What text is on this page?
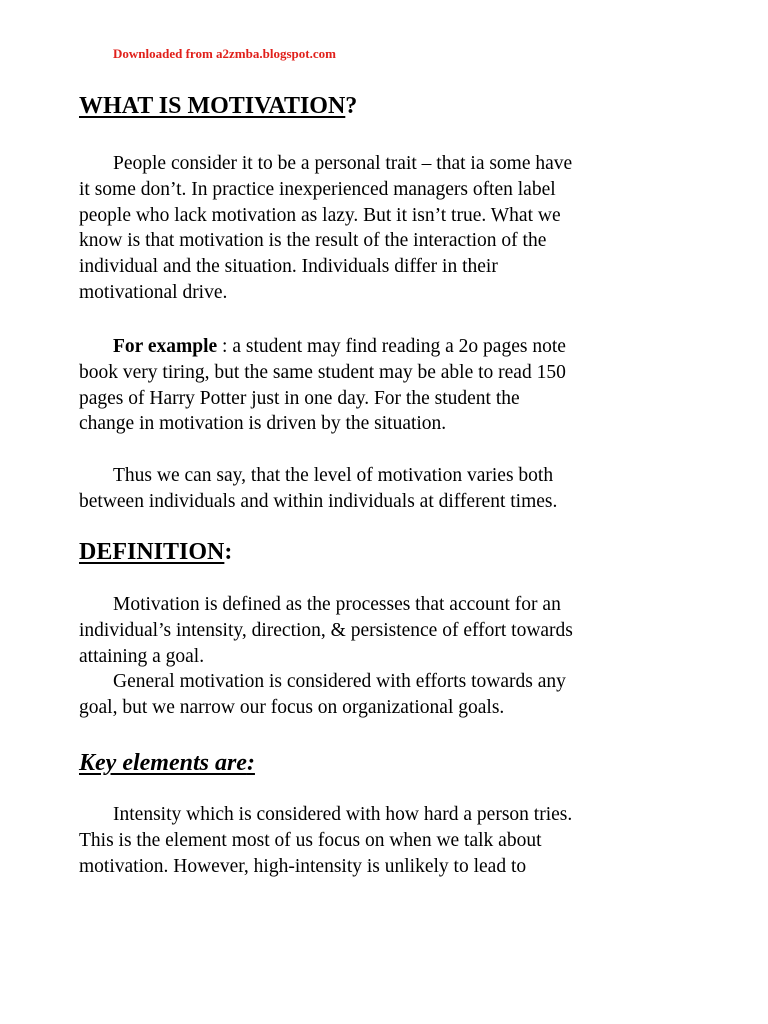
Downloaded from a2zmba.blogspot.com
WHAT IS MOTIVATION?
People consider it to be a personal trait – that ia some have
it some don’t. In practice inexperienced managers often label
people who lack motivation as lazy. But it isn’t true. What we
know is that motivation is the result of the interaction of the
individual and the situation. Individuals differ in their
motivational drive.
For example : a student may find reading a 2o pages note
book very tiring, but the same student may be able to read 150
pages of Harry Potter just in one day. For the student the
change in motivation is driven by the situation.
Thus we can say, that the level of motivation varies both
between individuals and within individuals at different times.
DEFINITION:
Motivation is defined as the processes that account for an
individual’s intensity, direction, & persistence of effort towards
attaining a goal.
General motivation is considered with efforts towards any
goal, but we narrow our focus on organizational goals.
Key elements are:
Intensity which is considered with how hard a person tries.
This is the element most of us focus on when we talk about
motivation. However, high-intensity is unlikely to lead to
